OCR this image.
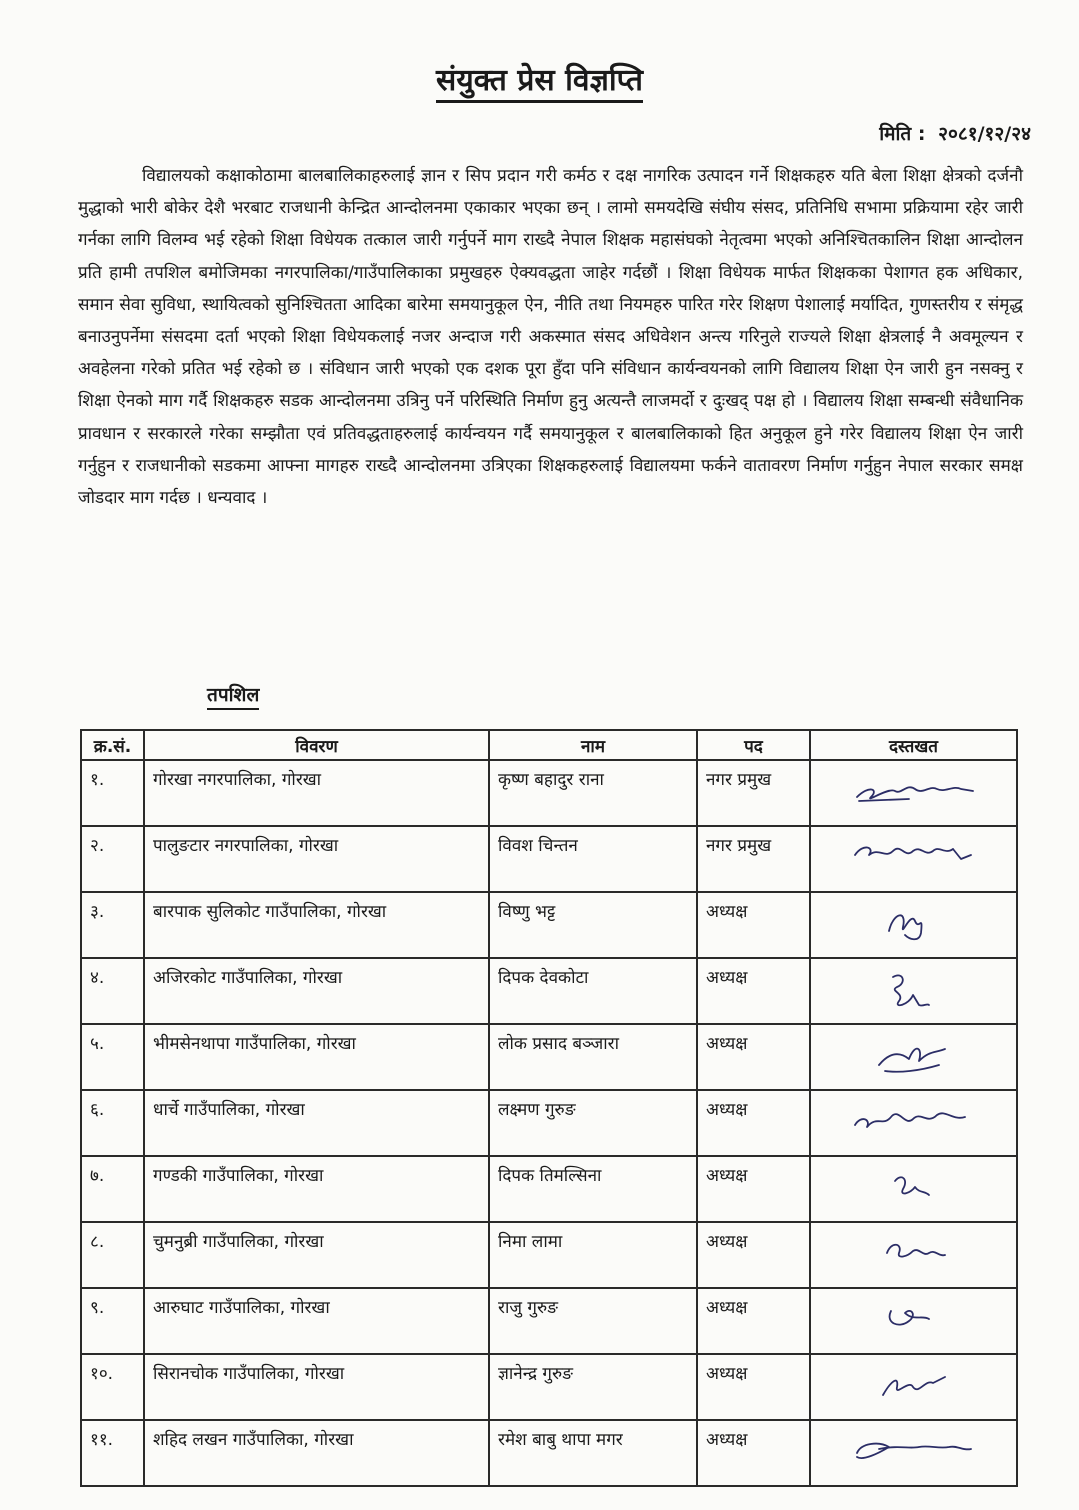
संयुक्त प्रेस विज्ञप्ति
मिति : २०८१/१२/२४

विद्यालयको कक्षाकोठामा बालबालिकाहरुलाई ज्ञान र सिप प्रदान गरी कर्मठ र दक्ष नागरिक उत्पादन गर्ने शिक्षकहरु यति बेला शिक्षा क्षेत्रको दर्जनौ मुद्धाको भारी बोकेर देशै भरबाट राजधानी केन्द्रित आन्दोलनमा एकाकार भएका छन् । लामो समयदेखि संघीय संसद, प्रतिनिधि सभामा प्रक्रियामा रहेर जारी गर्नका लागि विलम्व भई रहेको शिक्षा विधेयक तत्काल जारी गर्नुपर्ने माग राख्दै नेपाल शिक्षक महासंघको नेतृत्वमा भएको अनिश्चितकालिन शिक्षा आन्दोलन प्रति हामी तपशिल बमोजिमका नगरपालिका/गाउँपालिकाका प्रमुखहरु ऐक्यवद्धता जाहेर गर्दछौं । शिक्षा विधेयक मार्फत शिक्षकका पेशागत हक अधिकार, समान सेवा सुविधा, स्थायित्वको सुनिश्चितता आदिका बारेमा समयानुकूल ऐन, नीति तथा नियमहरु पारित गरेर शिक्षण पेशालाई मर्यादित, गुणस्तरीय र संमृद्ध बनाउनुपर्नेमा संसदमा दर्ता भएको शिक्षा विधेयकलाई नजर अन्दाज गरी अकस्मात संसद अधिवेशन अन्त्य गरिनुले राज्यले शिक्षा क्षेत्रलाई नै अवमूल्यन र अवहेलना गरेको प्रतित भई रहेको छ । संविधान जारी भएको एक दशक पूरा हुँदा पनि संविधान कार्यन्वयनको लागि विद्यालय शिक्षा ऐन जारी हुन नसक्नु र शिक्षा ऐनको माग गर्दै शिक्षकहरु सडक आन्दोलनमा उत्रिनु पर्ने परिस्थिति निर्माण हुनु अत्यन्तै लाजमर्दो र दुःखद् पक्ष हो । विद्यालय शिक्षा सम्बन्धी संवैधानिक प्रावधान र सरकारले गरेका सम्झौता एवं प्रतिवद्धताहरुलाई कार्यन्वयन गर्दै समयानुकूल र बालबालिकाको हित अनुकूल हुने गरेर विद्यालय शिक्षा ऐन जारी गर्नुहुन र राजधानीको सडकमा आफ्ना मागहरु राख्दै आन्दोलनमा उत्रिएका शिक्षकहरुलाई विद्यालयमा फर्कने वातावरण निर्माण गर्नुहुन नेपाल सरकार समक्ष जोडदार माग गर्दछ । धन्यवाद ।

तपशिल
क्र.सं.	विवरण	नाम	पद	दस्तखत
१.	गोरखा नगरपालिका, गोरखा	कृष्ण बहादुर राना	नगर प्रमुख	

२.	पालुङटार नगरपालिका, गोरखा	विवश चिन्तन	नगर प्रमुख	

३.	बारपाक सुलिकोट गाउँपालिका, गोरखा	विष्णु भट्ट	अध्यक्ष	

४.	अजिरकोट गाउँपालिका, गोरखा	दिपक देवकोटा	अध्यक्ष	

५.	भीमसेनथापा गाउँपालिका, गोरखा	लोक प्रसाद बञ्जारा	अध्यक्ष	

६.	धार्चे गाउँपालिका, गोरखा	लक्ष्मण गुरुङ	अध्यक्ष	

७.	गण्डकी गाउँपालिका, गोरखा	दिपक तिमल्सिना	अध्यक्ष	

८.	चुमनुब्री गाउँपालिका, गोरखा	निमा लामा	अध्यक्ष	

९.	आरुघाट गाउँपालिका, गोरखा	राजु गुरुङ	अध्यक्ष	

१०.	सिरानचोक गाउँपालिका, गोरखा	ज्ञानेन्द्र गुरुङ	अध्यक्ष	

११.	शहिद लखन गाउँपालिका, गोरखा	रमेश बाबु थापा मगर	अध्यक्ष	
